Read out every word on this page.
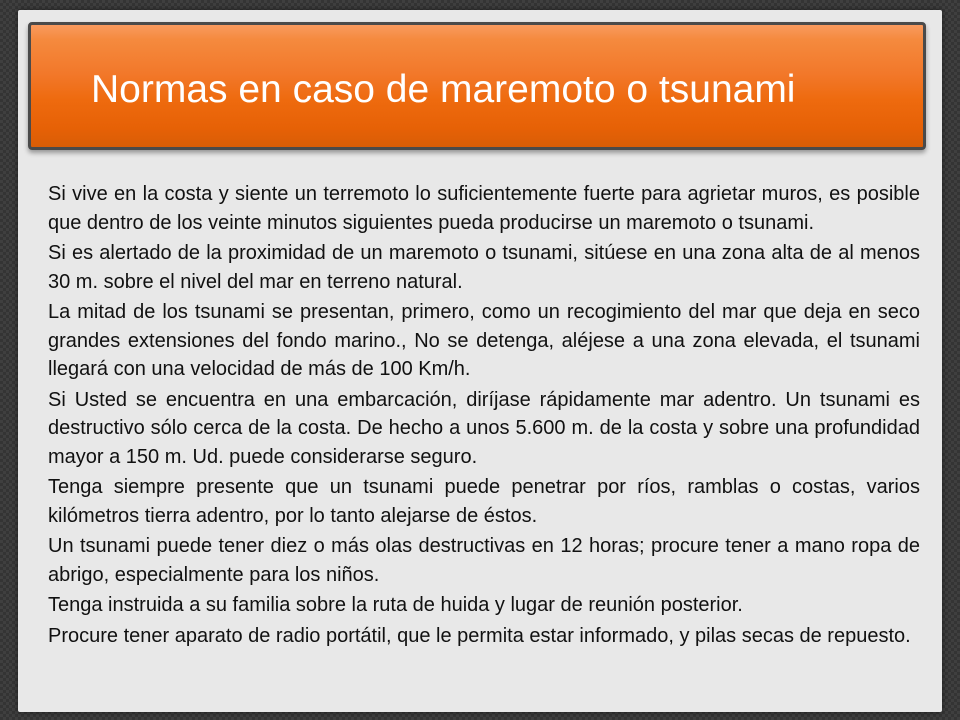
Normas en caso de maremoto o tsunami
Si vive en la costa y siente un terremoto lo suficientemente fuerte para agrietar muros, es posible que dentro de los veinte minutos siguientes pueda producirse un maremoto o tsunami.
Si es alertado de la proximidad de un maremoto o tsunami, sitúese en una zona alta de al menos 30 m. sobre el nivel del mar en terreno natural.
La mitad de los tsunami se presentan, primero, como un recogimiento del mar que deja en seco grandes extensiones del fondo marino., No se detenga, aléjese a una zona elevada, el tsunami llegará con una velocidad de más de 100 Km/h.
Si Usted se encuentra en una embarcación, diríjase rápidamente mar adentro. Un tsunami es destructivo sólo cerca de la costa. De hecho a unos 5.600 m. de la costa y sobre una profundidad mayor a 150 m. Ud. puede considerarse seguro.
Tenga siempre presente que un tsunami puede penetrar por ríos, ramblas o costas, varios kilómetros tierra adentro, por lo tanto alejarse de éstos.
Un tsunami puede tener diez o más olas destructivas en 12 horas; procure tener a mano ropa de abrigo, especialmente para los niños.
Tenga instruida a su familia sobre la ruta de huida y lugar de reunión posterior.
Procure tener aparato de radio portátil, que le permita estar informado, y pilas secas de repuesto.
